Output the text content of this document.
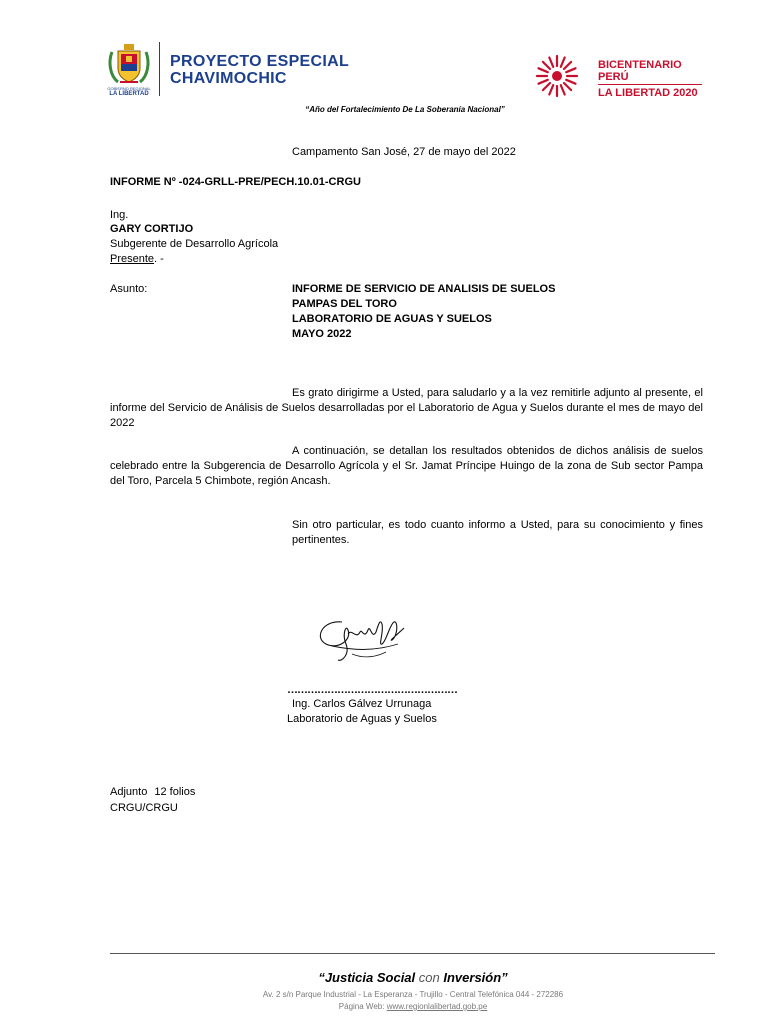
GOBIERNO REGIONAL
LA LIBERTAD
PROYECTO ESPECIAL
CHAVIMOCHIC
BICENTENARIO
PERÚ
LA LIBERTAD 2020
“Año del Fortalecimiento De La Soberanía Nacional”
Campamento San José, 27 de mayo del 2022
INFORME Nº -024-GRLL-PRE/PECH.10.01-CRGU
Ing.
GARY CORTIJO
Subgerente de Desarrollo Agrícola
Presente. -
Asunto:	INFORME DE SERVICIO DE ANALISIS DE SUELOS
PAMPAS DEL TORO
LABORATORIO DE AGUAS Y SUELOS
MAYO 2022
Es grato dirigirme a Usted, para saludarlo y a la vez remitirle adjunto al presente, el informe del Servicio de Análisis de Suelos desarrolladas por el Laboratorio de Agua y Suelos durante el mes de mayo del 2022
A continuación, se detallan los resultados obtenidos de dichos análisis de suelos celebrado entre la Subgerencia de Desarrollo Agrícola y el Sr. Jamat Príncipe Huingo de la zona de Sub sector Pampa del Toro, Parcela 5 Chimbote, región Ancash.
Sin otro particular, es todo cuanto informo a Usted, para su conocimiento y fines pertinentes.
……………………………………………
Ing. Carlos Gálvez Urrunaga
Laboratorio de Aguas y Suelos
Adjunto 12 folios
CRGU/CRGU
“Justicia Social con Inversión”
Av. 2 s/n Parque Industrial - La Esperanza - Trujillo - Central Telefónica 044 - 272286
Página Web: www.regionlalibertad.gob.pe
